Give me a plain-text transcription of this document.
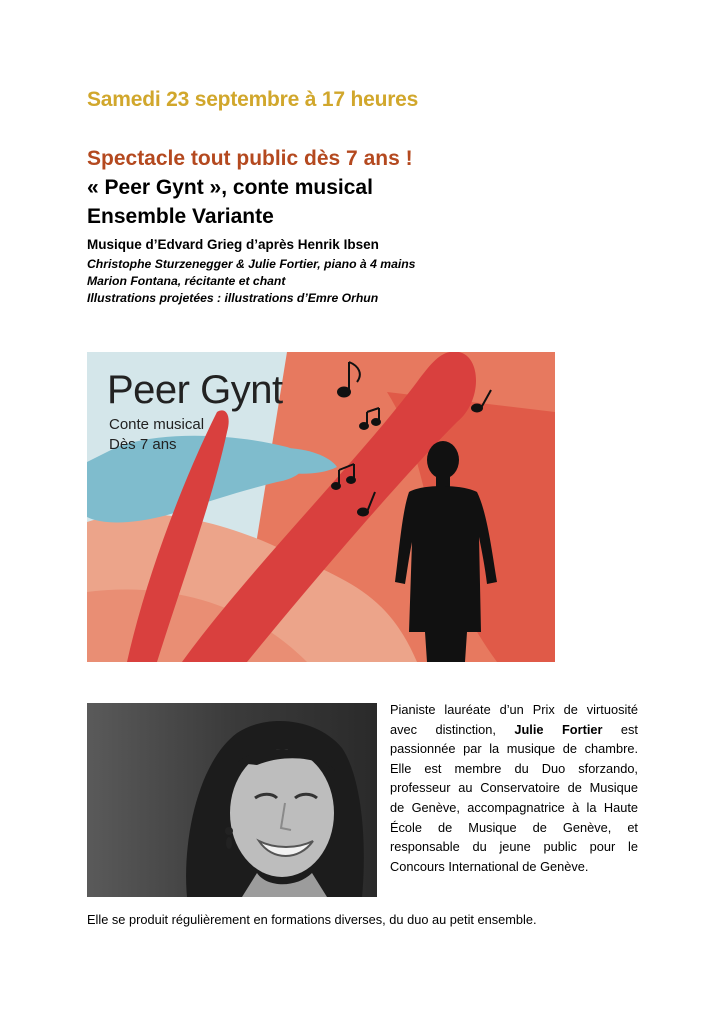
Samedi 23 septembre à 17 heures
Spectacle tout public dès 7 ans !
« Peer Gynt », conte musical
Ensemble Variante
Musique d’Edvard Grieg d’après Henrik Ibsen
Christophe Sturzenegger & Julie Fortier, piano à 4 mains
Marion Fontana, récitante et chant
Illustrations projetées : illustrations d’Emre Orhun
Peer Gynt
Conte musical
Dès 7 ans
Pianiste lauréate d’un Prix de virtuosité avec distinction, Julie Fortier est passionnée par la musique de chambre. Elle est membre du Duo sforzando, professeur au Conservatoire de Musique de Genève, accompagnatrice à la Haute École de Musique de Genève, et responsable du jeune public pour le Concours International de Genève.
Elle se produit régulièrement en formations diverses, du duo au petit ensemble.
